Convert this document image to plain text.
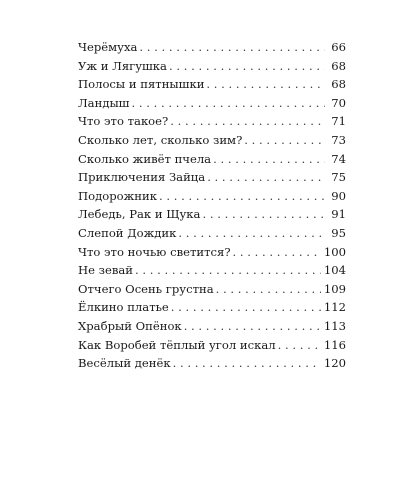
Черёмуха . . .	66
Уж и Лягушка . . .	68
Полосы и пятнышки . . .	68
Ландыш . . .	70
Что это такое? . . .	71
Сколько лет, сколько зим? . . .	73
Сколько живёт пчела . . .	74
Приключения Зайца . . .	75
Подорожник . . .	90
Лебедь, Рак и Щука . . .	91
Слепой Дождик . . .	95
Что это ночью светится? . . .	100
Не зевай . . .	104
Отчего Осень грустна . . .	109
Ёлкино платье . . .	112
Храбрый Опёнок . . .	113
Как Воробей тёплый угол искал . . .	116
Весёлый денёк . . .	120
